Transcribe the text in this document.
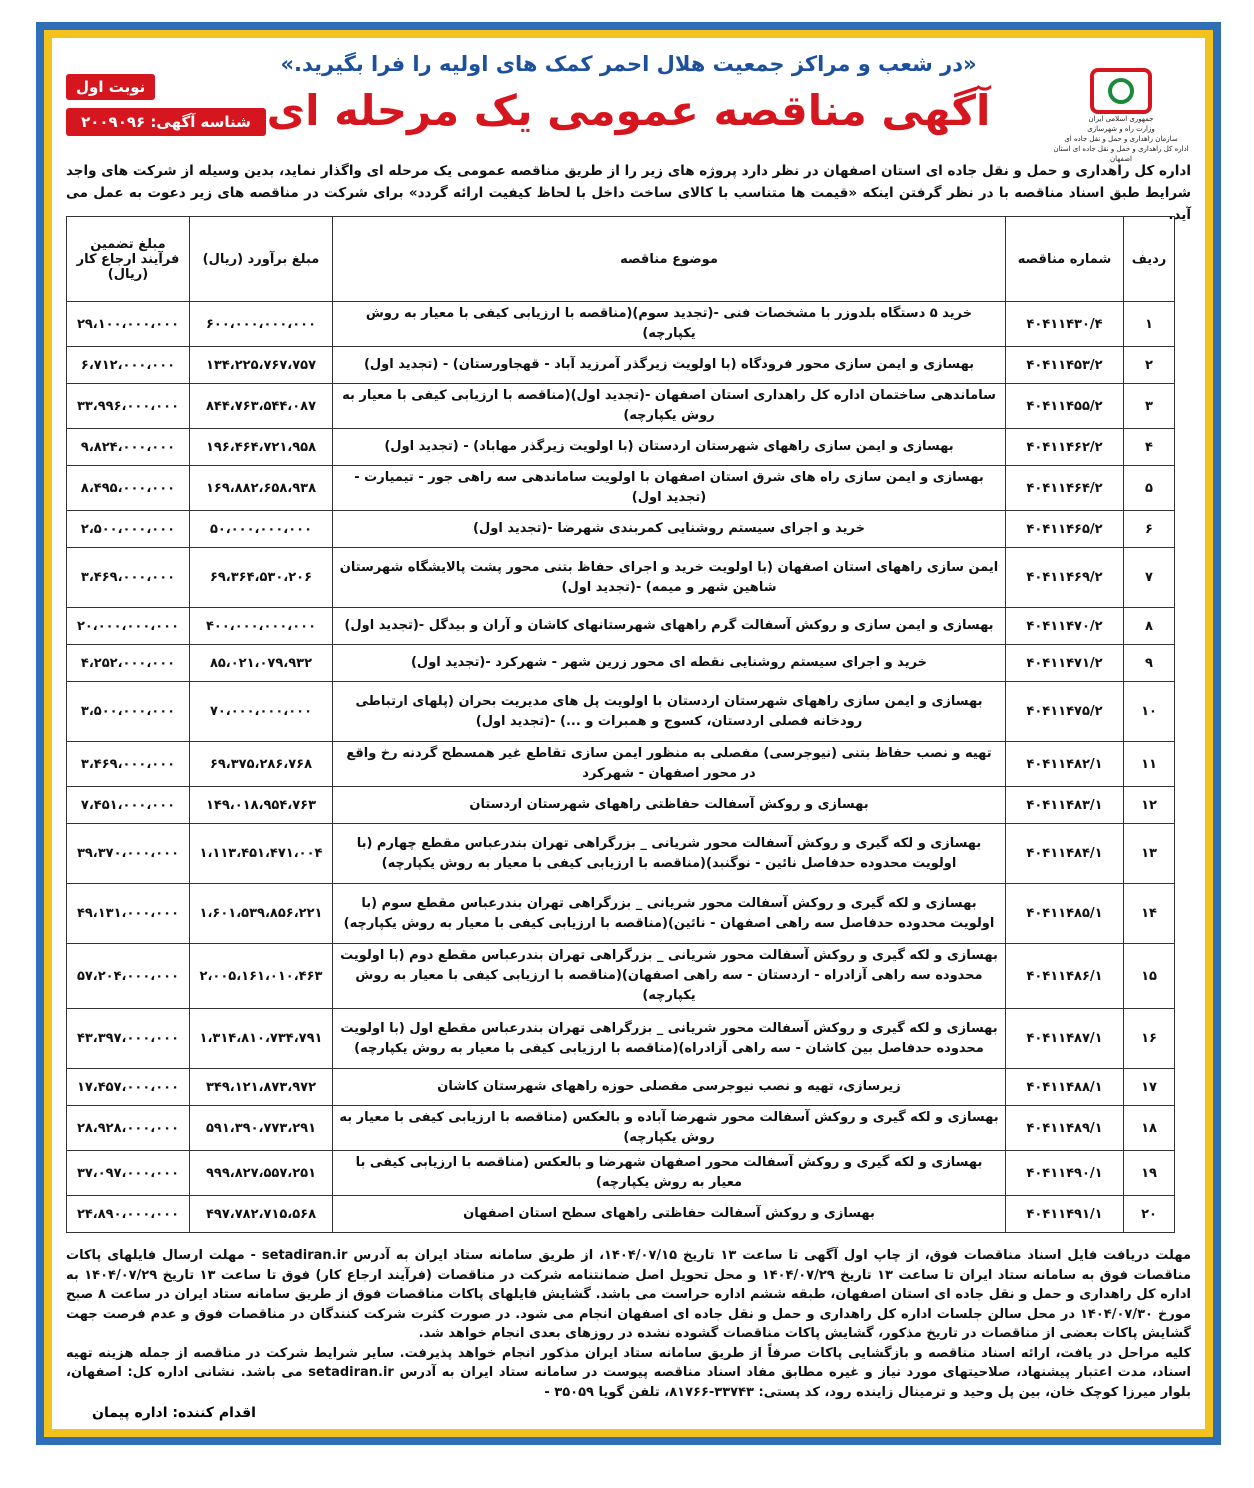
«در شعب و مراکز جمعیت هلال احمر کمک های اولیه را فرا بگیرید.»
آگهی مناقصه عمومی یک مرحله ای	جمهوری اسلامی ایران
وزارت راه و شهرسازی
سازمان راهداری و حمل و نقل جاده ای
اداره کل راهداری و حمل و نقل جاده ای استان اصفهان
نوبت اول
شناسه آگهی: ۲۰۰۹۰۹۶
اداره کل راهداری و حمل و نقل جاده ای استان اصفهان در نظر دارد پروژه های زیر را از طریق مناقصه عمومی یک مرحله ای واگذار نماید، بدین وسیله از شرکت های واجد شرایط طبق اسناد مناقصه با در نظر گرفتن اینکه «قیمت ها متناسب با کالای ساخت داخل با لحاظ کیفیت ارائه گردد» برای شرکت در مناقصه های زیر دعوت به عمل می آید.
ردیف	شماره مناقصه	موضوع مناقصه	مبلغ برآورد (ریال)	مبلغ تضمین فرآیند ارجاع کار (ریال)
۱	۴۰۴۱۱۴۳۰/۴	خرید ۵ دستگاه بلدوزر با مشخصات فنی -(تجدید سوم)(مناقصه با ارزیابی کیفی با معیار به روش یکپارچه)	۶۰۰،۰۰۰،۰۰۰،۰۰۰	۲۹،۱۰۰،۰۰۰،۰۰۰
۲	۴۰۴۱۱۴۵۳/۲	بهسازی و ایمن سازی محور فرودگاه (با اولویت زیرگذر آمرزید آباد - قهجاورستان) - (تجدید اول)	۱۳۴،۲۲۵،۷۶۷،۷۵۷	۶،۷۱۲،۰۰۰،۰۰۰
۳	۴۰۴۱۱۴۵۵/۲	ساماندهی ساختمان اداره کل راهداری استان اصفهان -(تجدید اول)(مناقصه با ارزیابی کیفی با معیار به روش یکپارچه)	۸۴۴،۷۶۳،۵۴۴،۰۸۷	۳۳،۹۹۶،۰۰۰،۰۰۰
۴	۴۰۴۱۱۴۶۲/۲	بهسازی و ایمن سازی راههای شهرستان اردستان (با اولویت زیرگذر مهاباد) - (تجدید اول)	۱۹۶،۴۶۴،۷۲۱،۹۵۸	۹،۸۲۴،۰۰۰،۰۰۰
۵	۴۰۴۱۱۴۶۴/۲	بهسازی و ایمن سازی راه های شرق استان اصفهان با اولویت ساماندهی سه راهی جور - تیمیارت -(تجدید اول)	۱۶۹،۸۸۲،۶۵۸،۹۳۸	۸،۴۹۵،۰۰۰،۰۰۰
۶	۴۰۴۱۱۴۶۵/۲	خرید و اجرای سیستم روشنایی کمربندی شهرضا -(تجدید اول)	۵۰،۰۰۰،۰۰۰،۰۰۰	۲،۵۰۰،۰۰۰،۰۰۰
۷	۴۰۴۱۱۴۶۹/۲	ایمن سازی راههای استان اصفهان (با اولویت خرید و اجرای حفاظ بتنی محور پشت پالایشگاه شهرستان شاهین شهر و میمه) -(تجدید اول)	۶۹،۳۶۴،۵۳۰،۲۰۶	۳،۴۶۹،۰۰۰،۰۰۰
۸	۴۰۴۱۱۴۷۰/۲	بهسازی و ایمن سازی و روکش آسفالت گرم راههای شهرستانهای کاشان و آران و بیدگل -(تجدید اول)	۴۰۰،۰۰۰،۰۰۰،۰۰۰	۲۰،۰۰۰،۰۰۰،۰۰۰
۹	۴۰۴۱۱۴۷۱/۲	خرید و اجرای سیستم روشنایی نقطه ای محور زرین شهر - شهرکرد -(تجدید اول)	۸۵،۰۲۱،۰۷۹،۹۳۲	۴،۲۵۲،۰۰۰،۰۰۰
۱۰	۴۰۴۱۱۴۷۵/۲	بهسازی و ایمن سازی راههای شهرستان اردستان با اولویت پل های مدیریت بحران (پلهای ارتباطی رودخانه فصلی اردستان، کسوج و همبرات و ...) -(تجدید اول)	۷۰،۰۰۰،۰۰۰،۰۰۰	۳،۵۰۰،۰۰۰،۰۰۰
۱۱	۴۰۴۱۱۴۸۲/۱	تهیه و نصب حفاظ بتنی (نیوجرسی) مفصلی به منظور ایمن سازی تقاطع غیر همسطح گردنه رخ واقع در محور اصفهان - شهرکرد	۶۹،۳۷۵،۲۸۶،۷۶۸	۳،۴۶۹،۰۰۰،۰۰۰
۱۲	۴۰۴۱۱۴۸۳/۱	بهسازی و روکش آسفالت حفاظتی راههای شهرستان اردستان	۱۴۹،۰۱۸،۹۵۴،۷۶۳	۷،۴۵۱،۰۰۰،۰۰۰
۱۳	۴۰۴۱۱۴۸۴/۱	بهسازی و لکه گیری و روکش آسفالت محور شریانی _ بزرگراهی تهران بندرعباس مقطع چهارم (با اولویت محدوده حدفاصل نائین - نوگنبد)(مناقصه با ارزیابی کیفی با معیار به روش یکپارچه)	۱،۱۱۳،۴۵۱،۴۷۱،۰۰۴	۳۹،۳۷۰،۰۰۰،۰۰۰
۱۴	۴۰۴۱۱۴۸۵/۱	بهسازی و لکه گیری و روکش آسفالت محور شریانی _ بزرگراهی تهران بندرعباس مقطع سوم (با اولویت محدوده حدفاصل سه راهی اصفهان - نائین)(مناقصه با ارزیابی کیفی با معیار به روش یکپارچه)	۱،۶۰۱،۵۳۹،۸۵۶،۲۲۱	۴۹،۱۳۱،۰۰۰،۰۰۰
۱۵	۴۰۴۱۱۴۸۶/۱	بهسازی و لکه گیری و روکش آسفالت محور شریانی _ بزرگراهی تهران بندرعباس مقطع دوم (با اولویت محدوده سه راهی آزادراه - اردستان - سه راهی اصفهان)(مناقصه با ارزیابی کیفی با معیار به روش یکپارچه)	۲،۰۰۵،۱۶۱،۰۱۰،۴۶۳	۵۷،۲۰۴،۰۰۰،۰۰۰
۱۶	۴۰۴۱۱۴۸۷/۱	بهسازی و لکه گیری و روکش آسفالت محور شریانی _ بزرگراهی تهران بندرعباس مقطع اول (با اولویت محدوده حدفاصل بین کاشان - سه راهی آزادراه)(مناقصه با ارزیابی کیفی با معیار به روش یکپارچه)	۱،۳۱۴،۸۱۰،۷۳۴،۷۹۱	۴۳،۳۹۷،۰۰۰،۰۰۰
۱۷	۴۰۴۱۱۴۸۸/۱	زیرسازی، تهیه و نصب نیوجرسی مفصلی حوزه راههای شهرستان کاشان	۳۴۹،۱۲۱،۸۷۳،۹۷۲	۱۷،۴۵۷،۰۰۰،۰۰۰
۱۸	۴۰۴۱۱۴۸۹/۱	بهسازی و لکه گیری و روکش آسفالت محور شهرضا آباده و بالعکس (مناقصه با ارزیابی کیفی با معیار به روش یکپارچه)	۵۹۱،۳۹۰،۷۷۳،۲۹۱	۲۸،۹۲۸،۰۰۰،۰۰۰
۱۹	۴۰۴۱۱۴۹۰/۱	بهسازی و لکه گیری و روکش آسفالت محور اصفهان شهرضا و بالعکس (مناقصه با ارزیابی کیفی با معیار به روش یکپارچه)	۹۹۹،۸۲۷،۵۵۷،۲۵۱	۳۷،۰۹۷،۰۰۰،۰۰۰
۲۰	۴۰۴۱۱۴۹۱/۱	بهسازی و روکش آسفالت حفاظتی راههای سطح استان اصفهان	۴۹۷،۷۸۲،۷۱۵،۵۶۸	۲۴،۸۹۰،۰۰۰،۰۰۰
مهلت دریافت فایل اسناد مناقصات فوق، از چاپ اول آگهی تا ساعت ۱۳ تاریخ ۱۴۰۴/۰۷/۱۵، از طریق سامانه ستاد ایران به آدرس setadiran.ir - مهلت ارسال فایلهای پاکات مناقصات فوق به سامانه ستاد ایران تا ساعت ۱۳ تاریخ ۱۴۰۴/۰۷/۲۹ و محل تحویل اصل ضمانتنامه شرکت در مناقصات (فرآیند ارجاع کار) فوق تا ساعت ۱۳ تاریخ ۱۴۰۴/۰۷/۲۹ به اداره کل راهداری و حمل و نقل جاده ای استان اصفهان، طبقه ششم اداره حراست می باشد. گشایش فایلهای پاکات مناقصات فوق از طریق سامانه ستاد ایران در ساعت ۸ صبح مورخ ۱۴۰۴/۰۷/۳۰ در محل سالن جلسات اداره کل راهداری و حمل و نقل جاده ای اصفهان انجام می شود. در صورت کثرت شرکت کنندگان در مناقصات فوق و عدم فرصت جهت گشایش پاکات بعضی از مناقصات در تاریخ مذکور، گشایش پاکات مناقصات گشوده نشده در روزهای بعدی انجام خواهد شد.
کلیه مراحل در یافت، ارائه اسناد مناقصه و بازگشایی پاکات صرفاً از طریق سامانه ستاد ایران مذکور انجام خواهد پذیرفت. سایر شرایط شرکت در مناقصه از جمله هزینه تهیه اسناد، مدت اعتبار پیشنهاد، صلاحیتهای مورد نیاز و غیره مطابق مفاد اسناد مناقصه پیوست در سامانه ستاد ایران به آدرس setadiran.ir می باشد. نشانی اداره کل: اصفهان، بلوار میرزا کوچک خان، بین پل وحید و ترمینال زاینده رود، کد پستی: ۳۳۷۴۳-۸۱۷۶۶، تلفن گویا ۳۵۰۵۹ -
اقدام کننده: اداره پیمان
